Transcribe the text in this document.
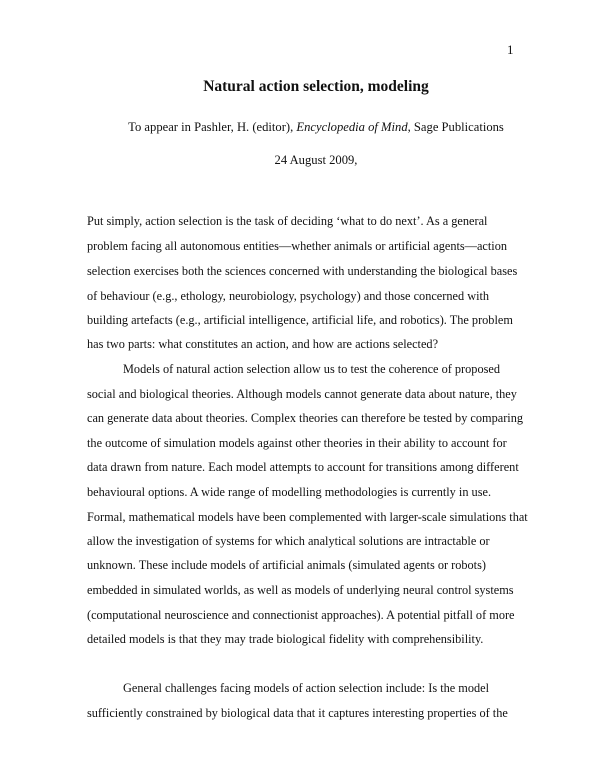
1
Natural action selection, modeling
To appear in Pashler, H. (editor), Encyclopedia of Mind, Sage Publications
24 August 2009,
Put simply, action selection is the task of deciding ‘what to do next’. As a general
problem facing all autonomous entities—whether animals or artificial agents—action
selection exercises both the sciences concerned with understanding the biological bases
of behaviour (e.g., ethology, neurobiology, psychology) and those concerned with
building artefacts (e.g., artificial intelligence, artificial life, and robotics). The problem
has two parts: what constitutes an action, and how are actions selected?
Models of natural action selection allow us to test the coherence of proposed
social and biological theories. Although models cannot generate data about nature, they
can generate data about theories. Complex theories can therefore be tested by comparing
the outcome of simulation models against other theories in their ability to account for
data drawn from nature. Each model attempts to account for transitions among different
behavioural options. A wide range of modelling methodologies is currently in use.
Formal, mathematical models have been complemented with larger-scale simulations that
allow the investigation of systems for which analytical solutions are intractable or
unknown. These include models of artificial animals (simulated agents or robots)
embedded in simulated worlds, as well as models of underlying neural control systems
(computational neuroscience and connectionist approaches). A potential pitfall of more
detailed models is that they may trade biological fidelity with comprehensibility.
General challenges facing models of action selection include: Is the model
sufficiently constrained by biological data that it captures interesting properties of the
